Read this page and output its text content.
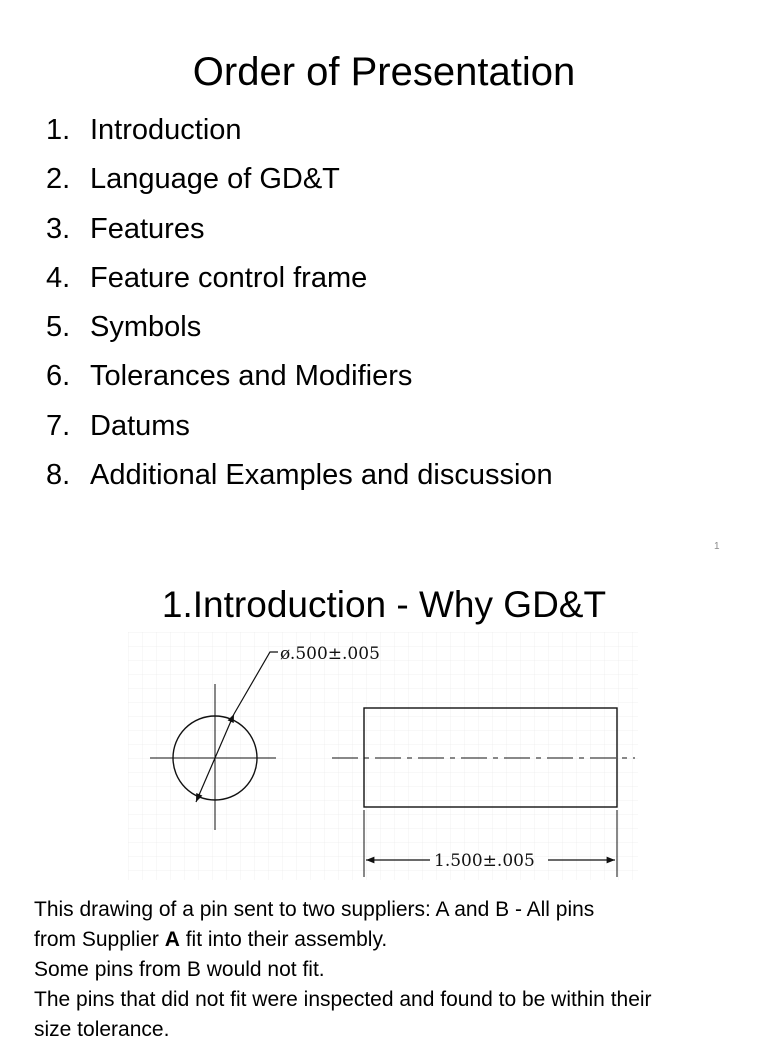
Order of Presentation
1. Introduction
2. Language of GD&T
3. Features
4. Feature control frame
5. Symbols
6. Tolerances and Modifiers
7. Datums
8. Additional Examples and discussion
1
1.Introduction - Why GD&T
ø.500±.005
1.500±.005

This drawing of a pin sent to two suppliers: A and B - All pins

from Supplier A fit into their assembly.

Some pins from B would not fit.

The pins that did not fit were inspected and found to be within their

size tolerance.
